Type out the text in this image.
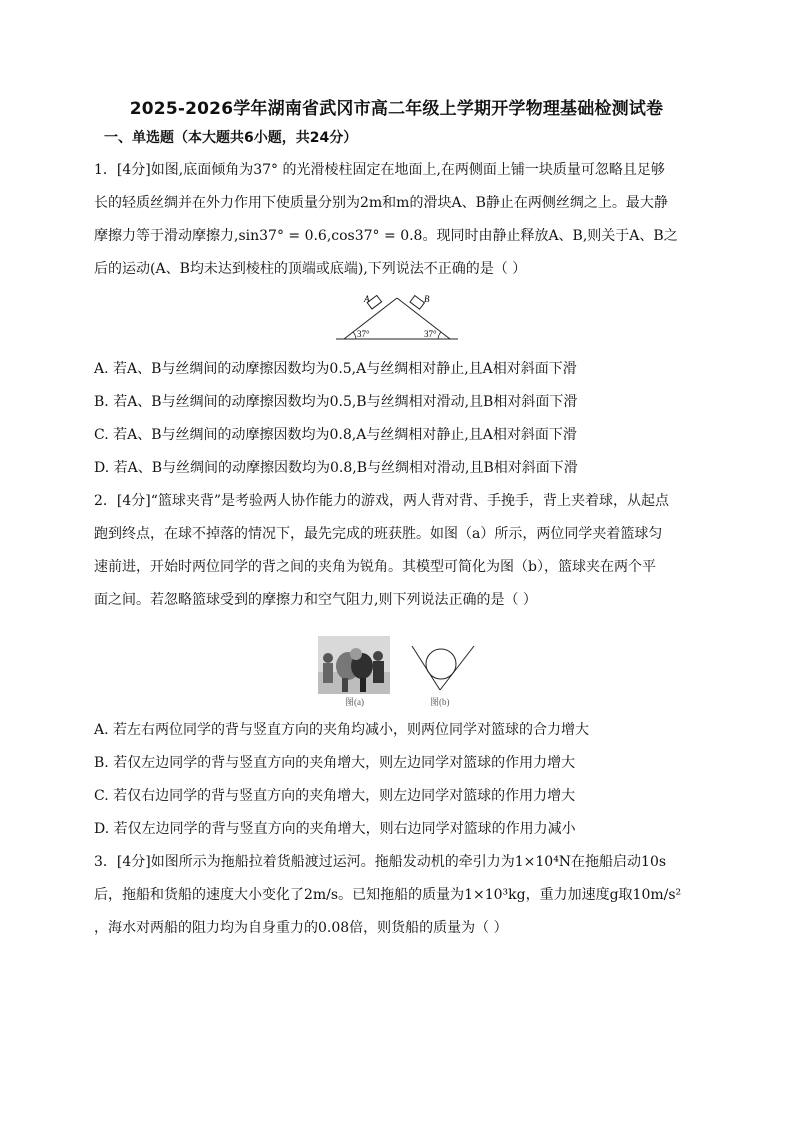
2025-2026学年湖南省武冈市高二年级上学期开学物理基础检测试卷
一、单选题（本大题共6小题，共24分）
1．[4分]如图,底面倾角为37° 的光滑棱柱固定在地面上,在两侧面上铺一块质量可忽略且足够
长的轻质丝绸并在外力作用下使质量分别为2m和m的滑块A、B静止在两侧丝绸之上。最大静
摩擦力等于滑动摩擦力,sin37° = 0.6,cos37° = 0.8。现同时由静止释放A、B,则关于A、B之
后的运动(A、B均未达到棱柱的顶端或底端),下列说法不正确的是（ ）
A	B
37°	37°
A. 若A、B与丝绸间的动摩擦因数均为0.5,A与丝绸相对静止,且A相对斜面下滑
B. 若A、B与丝绸间的动摩擦因数均为0.5,B与丝绸相对滑动,且B相对斜面下滑
C. 若A、B与丝绸间的动摩擦因数均为0.8,A与丝绸相对静止,且A相对斜面下滑
D. 若A、B与丝绸间的动摩擦因数均为0.8,B与丝绸相对滑动,且B相对斜面下滑
2．[4分]“篮球夹背”是考验两人协作能力的游戏，两人背对背、手挽手，背上夹着球，从起点
跑到终点，在球不掉落的情况下，最先完成的班获胜。如图（a）所示，两位同学夹着篮球匀
速前进，开始时两位同学的背之间的夹角为锐角。其模型可简化为图（b），篮球夹在两个平
面之间。若忽略篮球受到的摩擦力和空气阻力,则下列说法正确的是（ ）
图(a)	图(b)
A. 若左右两位同学的背与竖直方向的夹角均减小，则两位同学对篮球的合力增大
B. 若仅左边同学的背与竖直方向的夹角增大，则左边同学对篮球的作用力增大
C. 若仅右边同学的背与竖直方向的夹角增大，则左边同学对篮球的作用力增大
D. 若仅左边同学的背与竖直方向的夹角增大，则右边同学对篮球的作用力减小
3．[4分]如图所示为拖船拉着货船渡过运河。拖船发动机的牵引力为1×10⁴N在拖船启动10s
后，拖船和货船的速度大小变化了2m/s。已知拖船的质量为1×10³kg，重力加速度g取10m/s²
，海水对两船的阻力均为自身重力的0.08倍，则货船的质量为（ ）
